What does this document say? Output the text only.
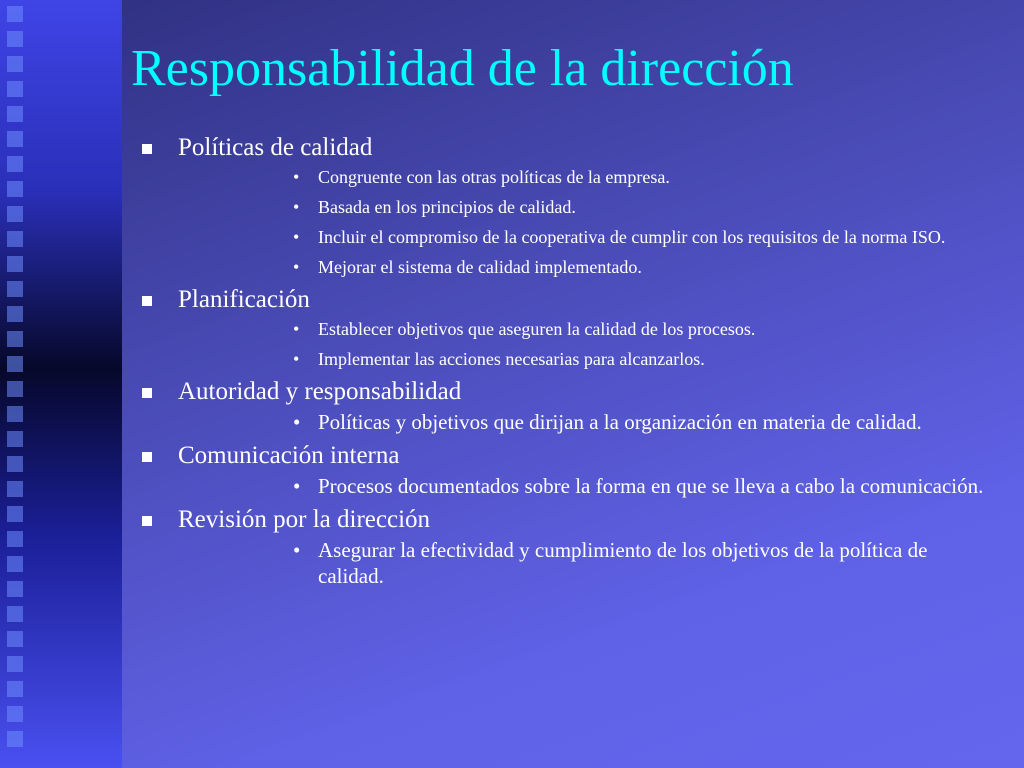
Responsabilidad de la dirección
Políticas de calidad
• Congruente con las otras políticas de la empresa.
• Basada en los principios de calidad.
• Incluir el compromiso de la cooperativa de cumplir con los requisitos de la norma ISO.
• Mejorar el sistema de calidad implementado.
Planificación
• Establecer objetivos que aseguren la calidad de los procesos.
• Implementar las acciones necesarias para alcanzarlos.
Autoridad y responsabilidad
• Políticas y objetivos que dirijan a la organización en materia de calidad.
Comunicación interna
• Procesos documentados sobre la forma en que se lleva a cabo la comunicación.
Revisión por la dirección
• Asegurar la efectividad y cumplimiento de los objetivos de la política de calidad.
